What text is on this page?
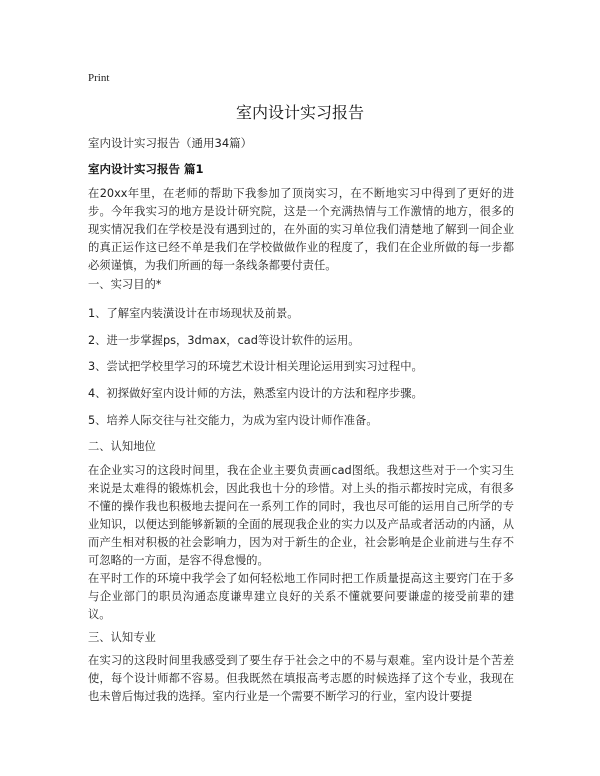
Print
室内设计实习报告
室内设计实习报告（通用34篇）
室内设计实习报告 篇1

在20xx年里，在老师的帮助下我参加了顶岗实习，在不断地实习中得到了更好的进步。今年我实习的地方是设计研究院，这是一个充满热情与工作激情的地方，很多的现实情况我们在学校是没有遇到过的，在外面的实习单位我们清楚地了解到一间企业的真正运作这已经不单是我们在学校做做作业的程度了，我们在企业所做的每一步都必须谨慎，为我们所画的每一条线条都要付责任。

一、实习目的*
1、了解室内装潢设计在市场现状及前景。
2、进一步掌握ps，3dmax，cad等设计软件的运用。
3、尝试把学校里学习的环境艺术设计相关理论运用到实习过程中。
4、初探做好室内设计师的方法，熟悉室内设计的方法和程序步骤。
5、培养人际交往与社交能力，为成为室内设计师作准备。
二、认知地位

在企业实习的这段时间里，我在企业主要负责画cad图纸。我想这些对于一个实习生来说是太难得的锻炼机会，因此我也十分的珍惜。对上头的指示都按时完成，有很多不懂的操作我也积极地去提问在一系列工作的同时，我也尽可能的运用自己所学的专业知识，以便达到能够新颖的全面的展现我企业的实力以及产品或者活动的内涵，从而产生相对积极的社会影响力，因为对于新生的企业，社会影响是企业前进与生存不可忽略的一方面，是容不得怠慢的。

在平时工作的环境中我学会了如何轻松地工作同时把工作质量提高这主要窍门在于多与企业部门的职员沟通态度谦卑建立良好的关系不懂就要问要谦虚的接受前辈的建议。

三、认知专业

在实习的这段时间里我感受到了要生存于社会之中的不易与艰难。室内设计是个苦差使，每个设计师都不容易。但我既然在填报高考志愿的时候选择了这个专业，我现在也未曾后悔过我的选择。室内行业是一个需要不断学习的行业，室内设计要提
